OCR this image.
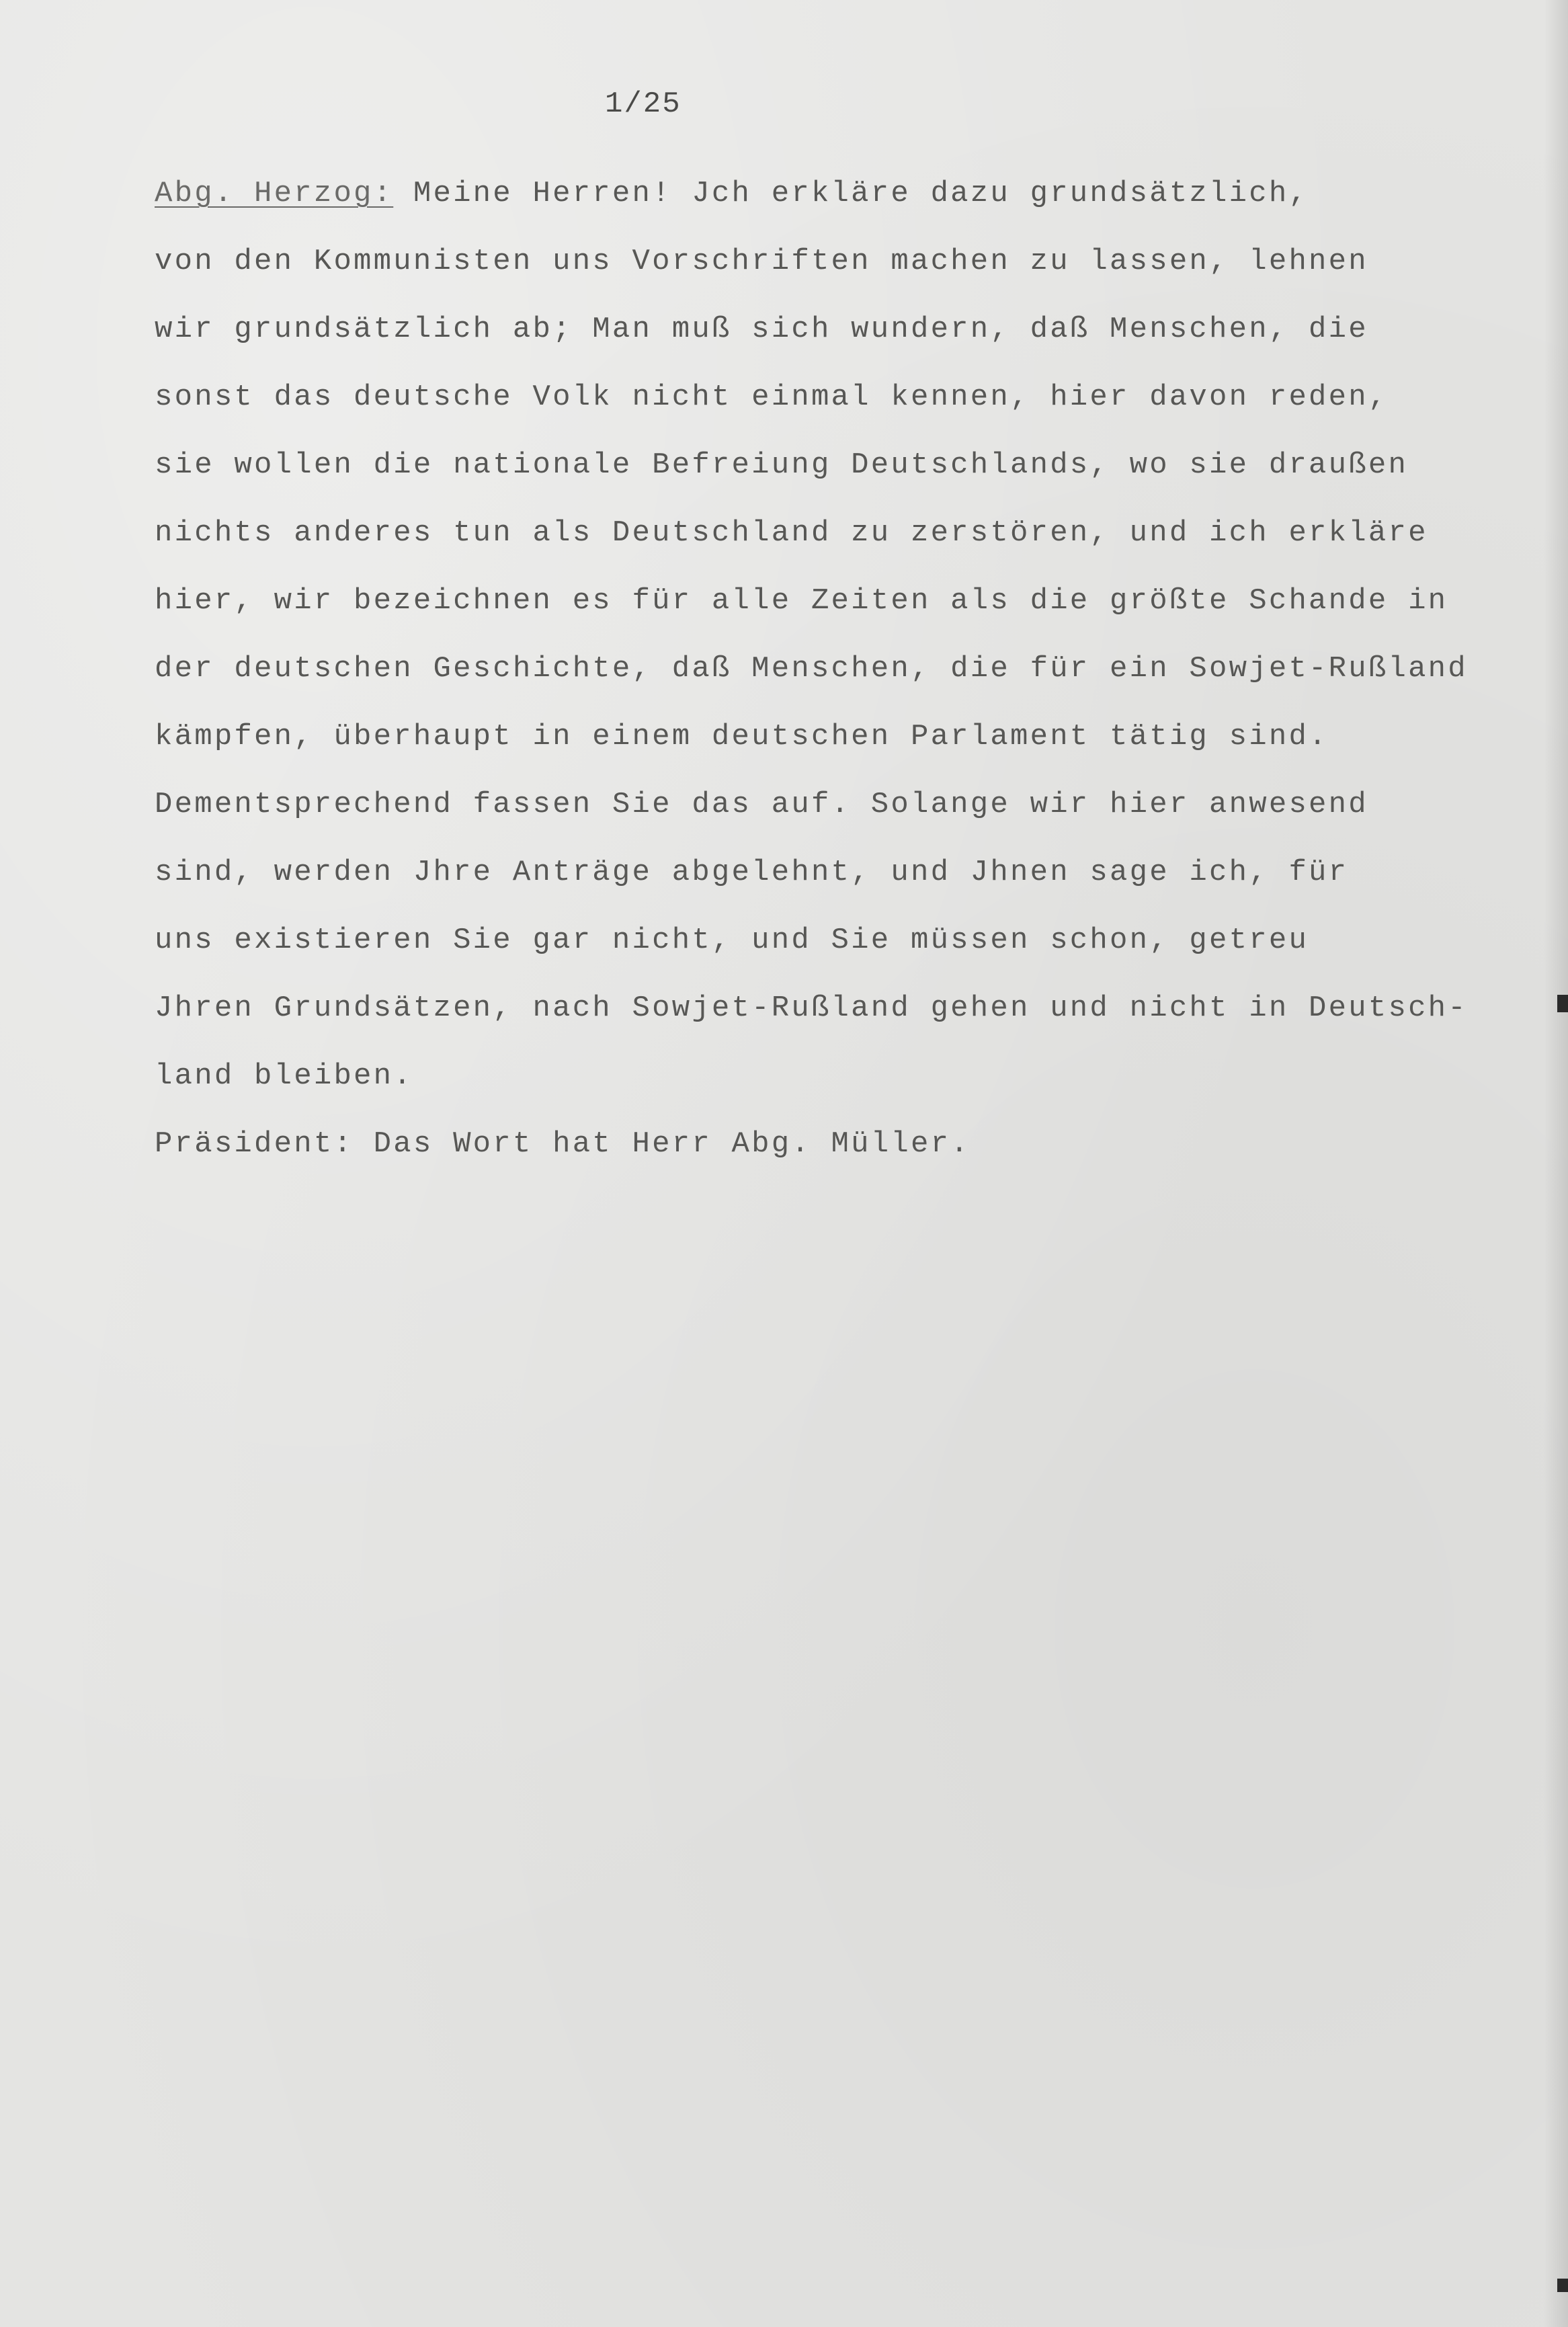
1/25
Abg. Herzog: Meine Herren! Jch erkläre dazu grundsätzlich,
von den Kommunisten uns Vorschriften machen zu lassen, lehnen
wir grundsätzlich ab; Man muß sich wundern, daß Menschen, die
sonst das deutsche Volk nicht einmal kennen, hier davon reden,
sie wollen die nationale Befreiung Deutschlands, wo sie draußen
nichts anderes tun als Deutschland zu zerstören, und ich erkläre
hier, wir bezeichnen es für alle Zeiten als die größte Schande in
der deutschen Geschichte, daß Menschen, die für ein Sowjet-Rußland
kämpfen, überhaupt in einem deutschen Parlament tätig sind.
Dementsprechend fassen Sie das auf. Solange wir hier anwesend
sind, werden Jhre Anträge abgelehnt, und Jhnen sage ich, für
uns existieren Sie gar nicht, und Sie müssen schon, getreu
Jhren Grundsätzen, nach Sowjet-Rußland gehen und nicht in Deutsch-
land bleiben.
Präsident: Das Wort hat Herr Abg. Müller.
